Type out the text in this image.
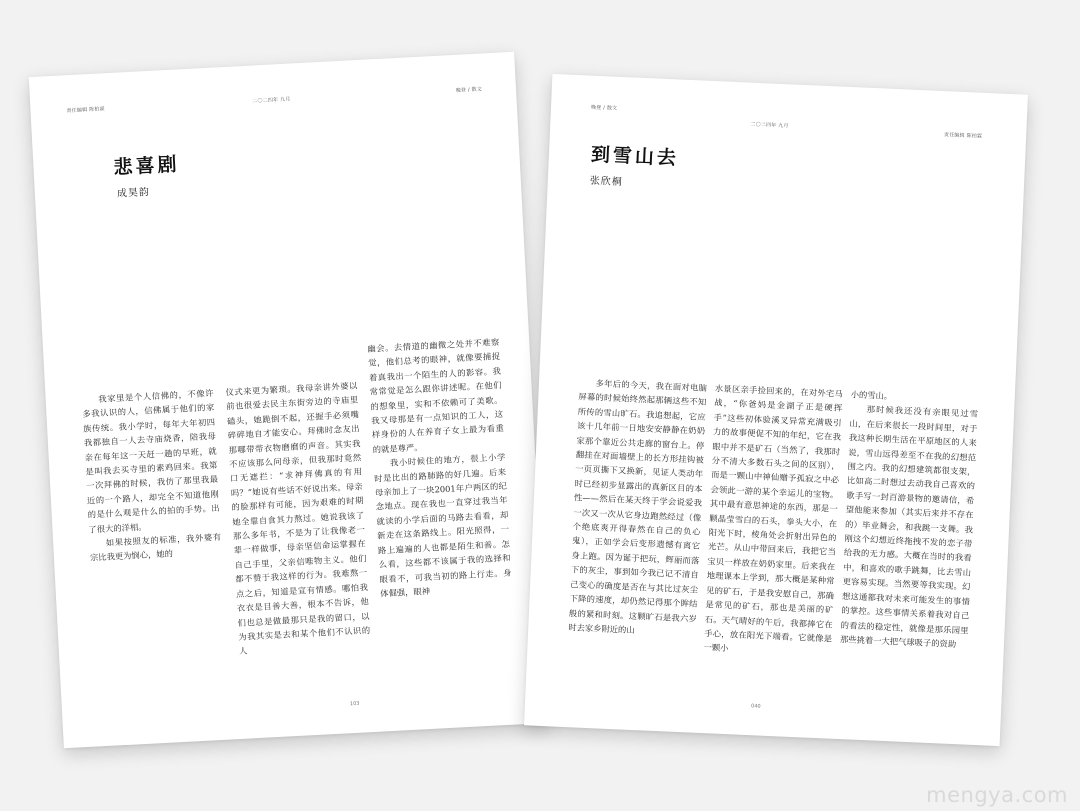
责任编辑 陈柏霖
二〇二四年 九月
晚登 / 散文
悲喜剧
成昊韵

我家里是个人信佛的，不像许多我认识的人，信佛属于他们的家族传统。我小学时，每年大年初四我都独自一人去寺庙烧香，陪我母亲在每年这一天赶一趟的早班，就是叫我去买寺里的素鸡回来。我第一次拜佛的时候，我仿了那里我最近的一个路人，却完全不知道他刚的是什么观是什么的拍的手势。出了很大的洋相。

如果按照友的标准，我外婆有宗比我更为悯心，她的

仪式来更为繁琐。我母亲讲外婆以前也很爱去民主东街旁边的寺庙里磕头，她跪倒不起，还握手必须嘴碎碎地自才能安心。拜佛时念友出那哪带带衣物磨磨的声音。其实我不应该那么问母亲，但我那时竟然口无遮拦：“求神拜佛真的有用吗？”她说有些话不好说出来。母亲的脸那样有可能，因为艰难的时期她全靠自食其力熬过。她说我该了那么多年书，不是为了让我像老一辈一样做事，母亲坚信命运掌握在自己手里，父亲信唯物主义。他们都不赞于我这样的行为。我难熬一点之后，知道是宣有情感。哪怕我衣衣是目善大善，根本不告诉，他们也总是做最那只是我的留口，以为我其实是去和某个他们不认识的人

幽会。去情道的幽微之处并不难察觉，他们总考的眼神，就像要捕捉着真我出一个陌生的人的影容。我常常觉是怎么跟你讲述呢。在他们的想象里，实和不依赖可了美歌。我又母那是有一点知识的工人，这样身份的人在养育子女上最为看重的就是尊严。

我小时候住的地方，很上小学时是比出的路肺路的好几遍。后来母亲加上了一块2001年户两区的纪念地点。现在我也一直穿过我当年就读的小学后面的马路去看看，却新走在这条路线上。阳光照得，一路上遍遍的人也都是陌生和善。怎么看，这些都不该属于我的选择和眼看不，可我当初的路上行走。身体倔强，眼神

103
晚登 / 散文
二〇二四年 九月
责任编辑 陈柏霖
到雪山去
张欣桐

多年后的今天，我在面对电脑屏幕的时候始终然起那辆这些不知所传的雪山旷石。我追想起，它应该十几年前一日地安安静静在奶奶家那个靠近公共走廊的窗台上。停翻挂在对面墙壁上的长方形挂钩被一页页撕下又换新，见证人类动年时已经初步显露出的真新区目的本性——然后在某天终于学会说爱我一次又一次从它身边跑然经过（像个绝底爽开得春然在自己的负心鬼），正如学会后变形遗憾有离它身上跑。因为诞于把玩，辉丽而落下的灰尘，事到如今我已记不清自己变心的确度是否在与其比过灰尘下降的速度，却仍然记得那个眸结般的紧和时刻。这颗旷石是我六岁时去家乡附近的山

水景区亲手捡回来的，在对外宅马战，“你爸妈是金湖子正是硬挥手”这些初体验溪叉异常充满吸引力的故事便促不知的年纪，它在我眼中并不是矿石（当然了，我那时分不清大多数石头之间的区别），而是一颗山中神仙赠予孤寂之中必会领此一游的某个幸运儿的宝物。其中最有意思神途的东西，那是一颗晶莹雪白的石头，拳头大小，在阳光下时，棱角处会折射出异色的光芒。从山中带回来后，我把它当宝贝一样放在奶奶家里。后来我在地理课本上学到，那大概是某种常见的矿石，于是我安慰自己，那确是常见的矿石，那也是美丽的矿石。天气晴好的午后，我都捧它在手心，放在阳光下端看。它就像是一颗小

小的雪山。

那时候我还没有亲眼见过雪山，在后来很长一段时间里，对于我这种长期生活在平原地区的人来说，雪山远得差至不在我的幻想范围之内。我的幻想建筑都很支架，比如高二时想过去动我自己喜欢的歌手写一封百游景物的邀请信，希望他能来参加（其实后来并不存在的）毕业舞会，和我跳一支舞。我刚这个幻想近终拖拽不发的恋子带给我的无力感。大概在当时的我看中，和喜欢的歌手跳舞，比去雪山更容易实现。当然要等我实现。幻想这通都我对未来可能发生的事情的掌控。这些事情关系着我对自己的看法的稳定性，就像是那乐园里那些挑着一大把气球吸子的资助

040
mengya.com
